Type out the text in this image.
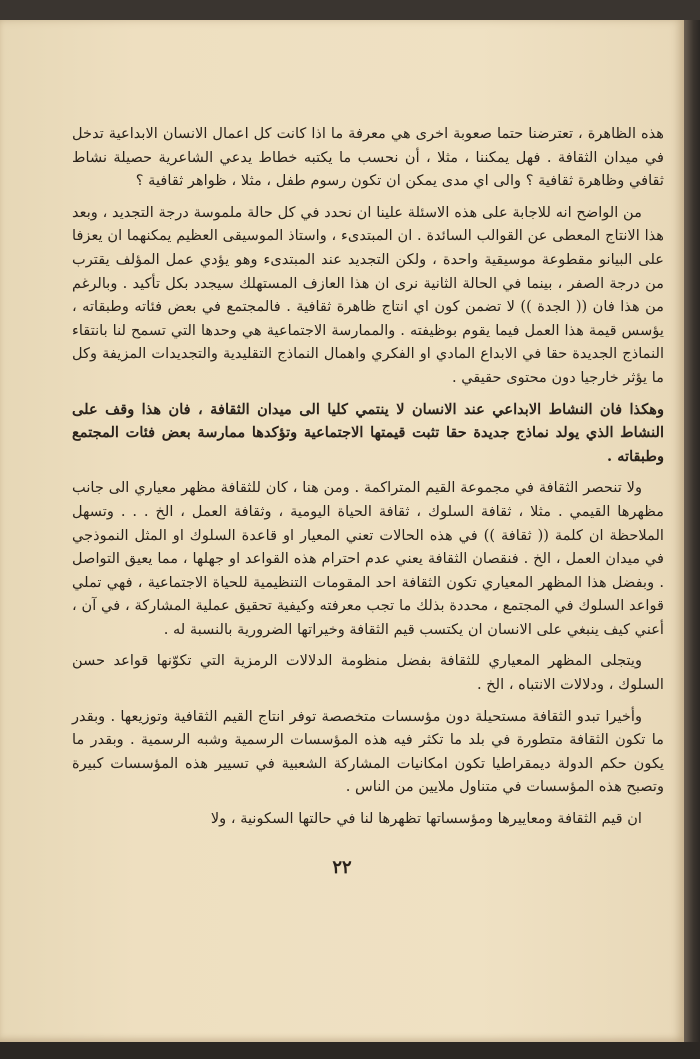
هذه الظاهرة ، تعترضنا حتما صعوبة اخرى هي معرفة ما اذا كانت كل اعمال الانسان الابداعية تدخل في ميدان الثقافة . فهل يمكننا ، مثلا ، أن نحسب ما يكتبه خطاط يدعي الشاعرية حصيلة نشاط ثقافي وظاهرة ثقافية ؟ والى اي مدى يمكن ان تكون رسوم طفل ، مثلا ، ظواهر ثقافية ؟

من الواضح انه للاجابة على هذه الاسئلة علينا ان نحدد في كل حالة ملموسة درجة التجديد ، وبعد هذا الانتاج المعطى عن القوالب السائدة . ان المبتدىء ، واستاذ الموسيقى العظيم يمكنهما ان يعزفا على البيانو مقطوعة موسيقية واحدة ، ولكن التجديد عند المبتدىء وهو يؤدي عمل المؤلف يقترب من درجة الصفر ، بينما في الحالة الثانية نرى ان هذا العازف المستهلك سيجدد بكل تأكيد . وبالرغم من هذا فان (( الجدة )) لا تضمن كون اي انتاج ظاهرة ثقافية . فالمجتمع في بعض فئاته وطبقاته ، يؤسس قيمة هذا العمل فيما يقوم بوظيفته . والممارسة الاجتماعية هي وحدها التي تسمح لنا بانتقاء النماذج الجديدة حقا في الابداع المادي او الفكري واهمال النماذج التقليدية والتجديدات المزيفة وكل ما يؤثر خارجيا دون محتوى حقيقي .

وهكذا فان النشاط الابداعي عند الانسان لا ينتمي كليا الى ميدان الثقافة ، فان هذا وقف على النشاط الذي يولد نماذج جديدة حقا تثبت قيمتها الاجتماعية وتؤكدها ممارسة بعض فئات المجتمع وطبقاته .

ولا تنحصر الثقافة في مجموعة القيم المتراكمة . ومن هنا ، كان للثقافة مظهر معياري الى جانب مظهرها القيمي . مثلا ، ثقافة السلوك ، ثقافة الحياة اليومية ، وثقافة العمل ، الخ . . . وتسهل الملاحظة ان كلمة (( ثقافة )) في هذه الحالات تعني المعيار او قاعدة السلوك او المثل النموذجي في ميدان العمل ، الخ . فنقصان الثقافة يعني عدم احترام هذه القواعد او جهلها ، مما يعيق التواصل . وبفضل هذا المظهر المعياري تكون الثقافة احد المقومات التنظيمية للحياة الاجتماعية ، فهي تملي قواعد السلوك في المجتمع ، محددة بذلك ما تجب معرفته وكيفية تحقيق عملية المشاركة ، في آن ، أعني كيف ينبغي على الانسان ان يكتسب قيم الثقافة وخيراتها الضرورية بالنسبة له .

ويتجلى المظهر المعياري للثقافة بفضل منظومة الدلالات الرمزية التي تكوّنها قواعد حسن السلوك ، ودلالات الانتباه ، الخ .

وأخيرا تبدو الثقافة مستحيلة دون مؤسسات متخصصة توفر انتاج القيم الثقافية وتوزيعها . وبقدر ما تكون الثقافة متطورة في بلد ما تكثر فيه هذه المؤسسات الرسمية وشبه الرسمية . وبقدر ما يكون حكم الدولة ديمقراطيا تكون امكانيات المشاركة الشعبية في تسيير هذه المؤسسات كبيرة وتصبح هذه المؤسسات في متناول ملايين من الناس .

ان قيم الثقافة ومعاييرها ومؤسساتها تظهرها لنا في حالتها السكونية ، ولا

٢٢
